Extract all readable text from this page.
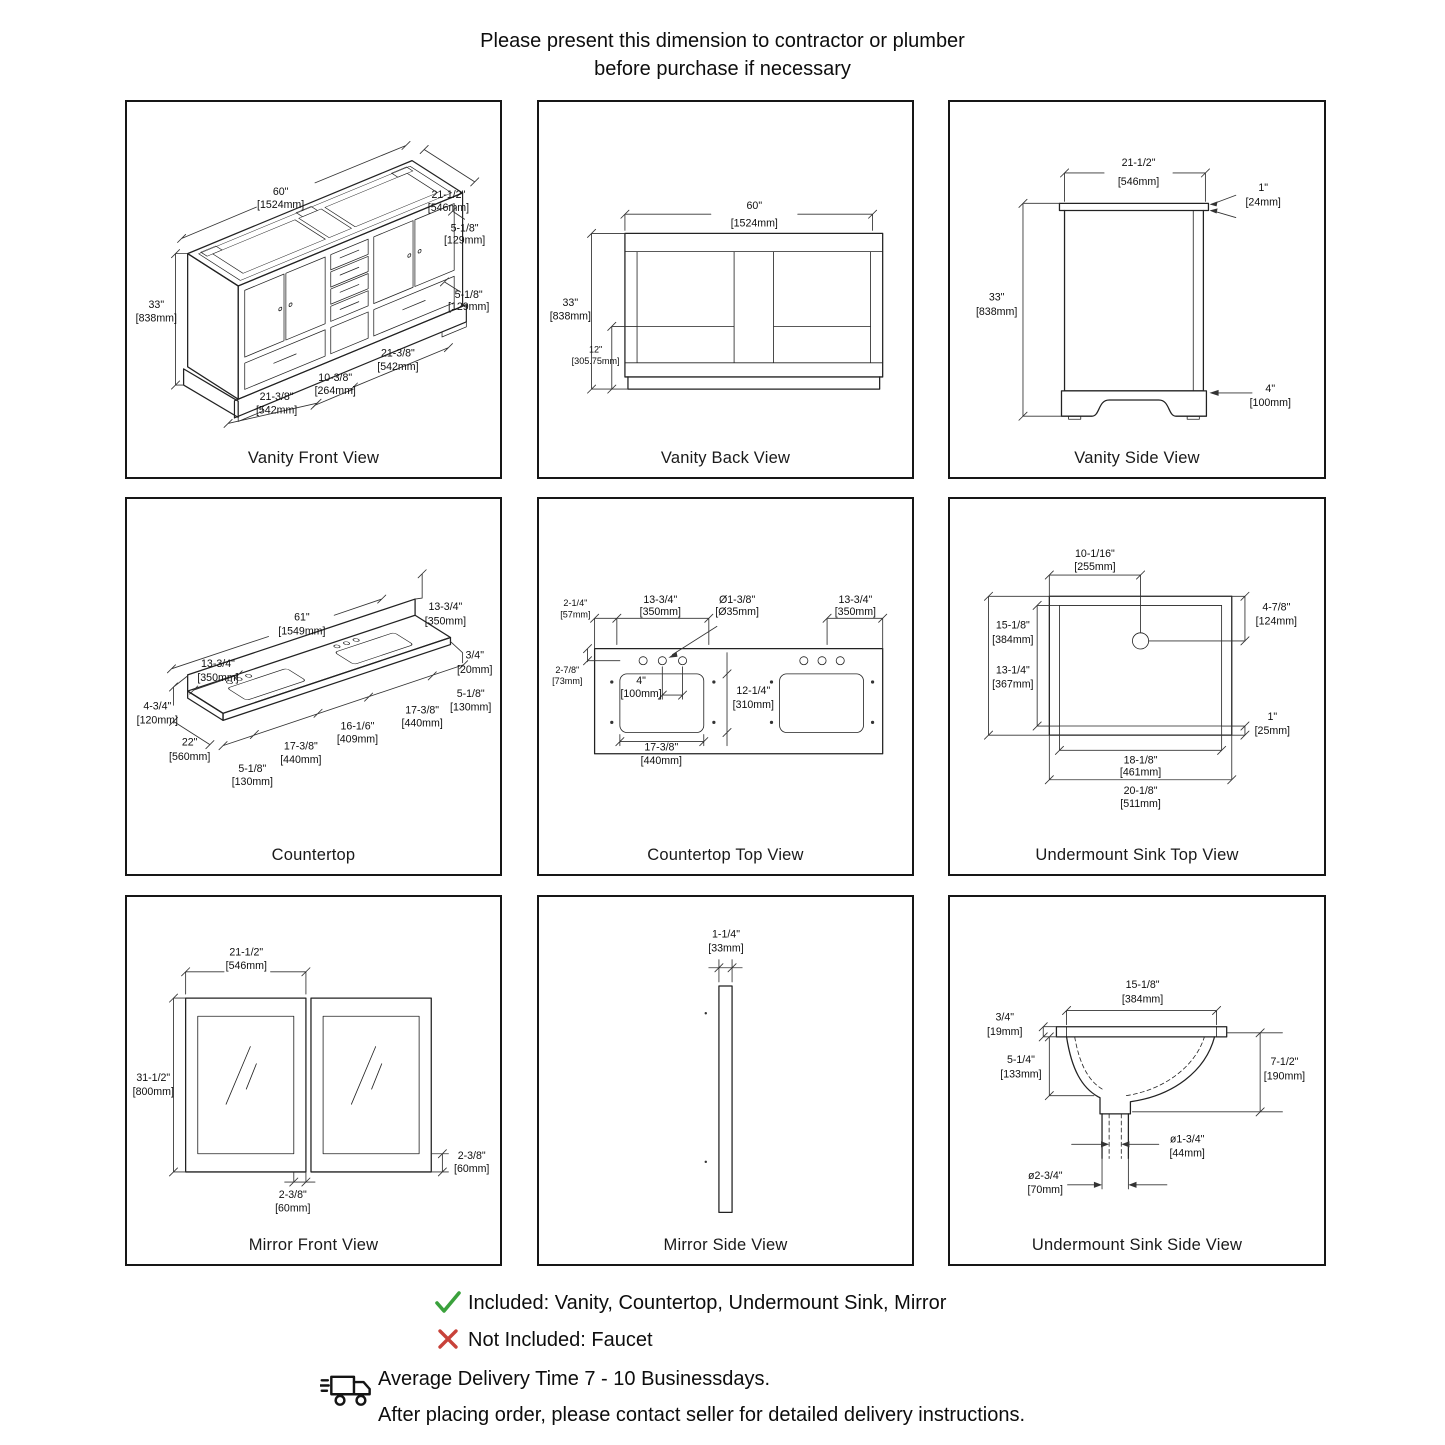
Please present this dimension to contractor or plumber
before purchase if necessary
60"
[1524mm]
21-1/2"
[546mm]
5-1/8"
[129mm]
33"
[838mm]
5-1/8"
[129mm]
21-3/8"
[542mm]
10-3/8"
[264mm]
21-3/8"
[542mm]
Vanity Front View
60"
[1524mm]
33"
[838mm]
12"
[305.75mm]
Vanity Back View
21-1/2"
[546mm]
1"
[24mm]
33"
[838mm]
4"
[100mm]
Vanity Side View
61"
[1549mm]
13-3/4"
[350mm]
13-3/4"
[350mm]
3/4"
[20mm]
4-3/4"
[120mm]
22"
[560mm]
5-1/8"
[130mm]
17-3/8"
[440mm]
16-1/6"
[409mm]
17-3/8"
[440mm]
5-1/8"
[130mm]
Countertop
2-1/4"
[57mm]
13-3/4"
[350mm]
Ø1-3/8"
[Ø35mm]
13-3/4"
[350mm]
2-7/8"
[73mm]	4"
[100mm]	12-1/4"
[310mm]
17-3/8"
[440mm]
Countertop Top View
10-1/16"
[255mm]
4-7/8"
[124mm]
15-1/8"
[384mm]
13-1/4"
[367mm]
1"
[25mm]
18-1/8"
[461mm]
20-1/8"
[511mm]
Undermount Sink Top View
21-1/2"
[546mm]
31-1/2"
[800mm]
2-3/8"
[60mm]
2-3/8"
[60mm]
Mirror Front View
1-1/4"
[33mm]
Mirror Side View
15-1/8"
[384mm]
3/4"
[19mm]
5-1/4"
[133mm]
7-1/2"
[190mm]
ø1-3/4"
[44mm]
ø2-3/4"
[70mm]
Undermount Sink Side View
Included: Vanity, Countertop, Undermount Sink, Mirror
Not Included: Faucet
Average Delivery Time 7 - 10 Businessdays.
After placing order, please contact seller for detailed delivery instructions.
